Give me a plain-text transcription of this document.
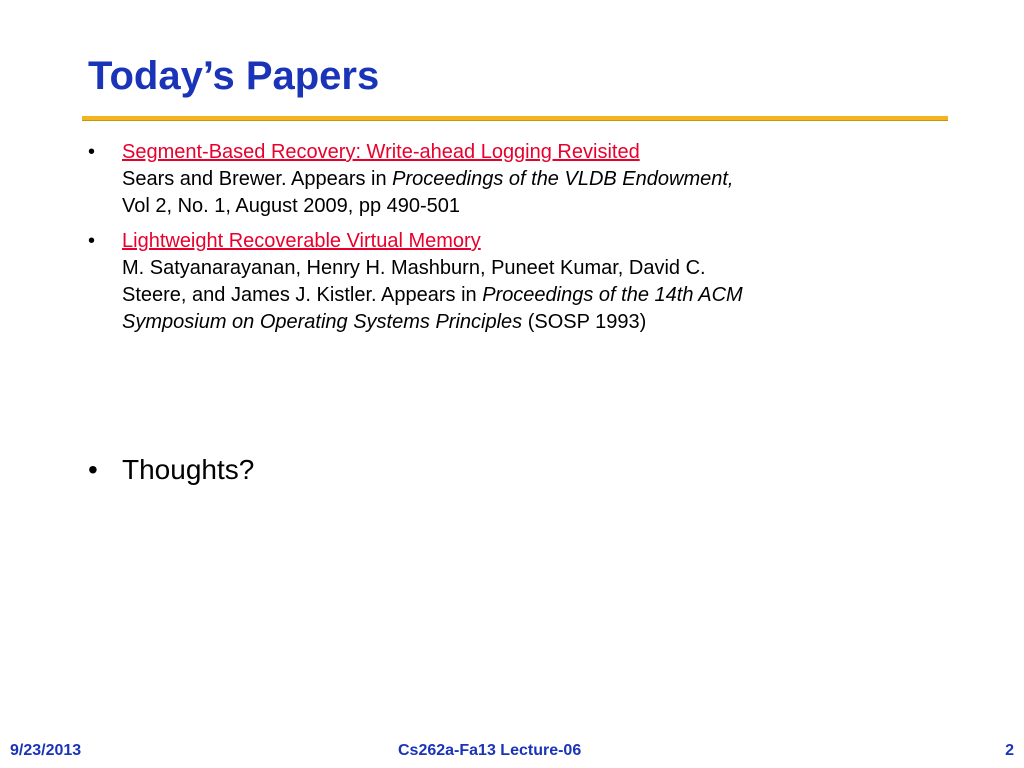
Today’s Papers
• Segment-Based Recovery: Write-ahead Logging Revisited
Sears and Brewer. Appears in Proceedings of the VLDB Endowment,
Vol 2, No. 1, August 2009, pp 490-501
• Lightweight Recoverable Virtual Memory
M. Satyanarayanan, Henry H. Mashburn, Puneet Kumar, David C.
Steere, and James J. Kistler. Appears in Proceedings of the 14th ACM
Symposium on Operating Systems Principles (SOSP 1993)
• Thoughts?
9/23/2013	Cs262a-Fa13 Lecture-06	2
